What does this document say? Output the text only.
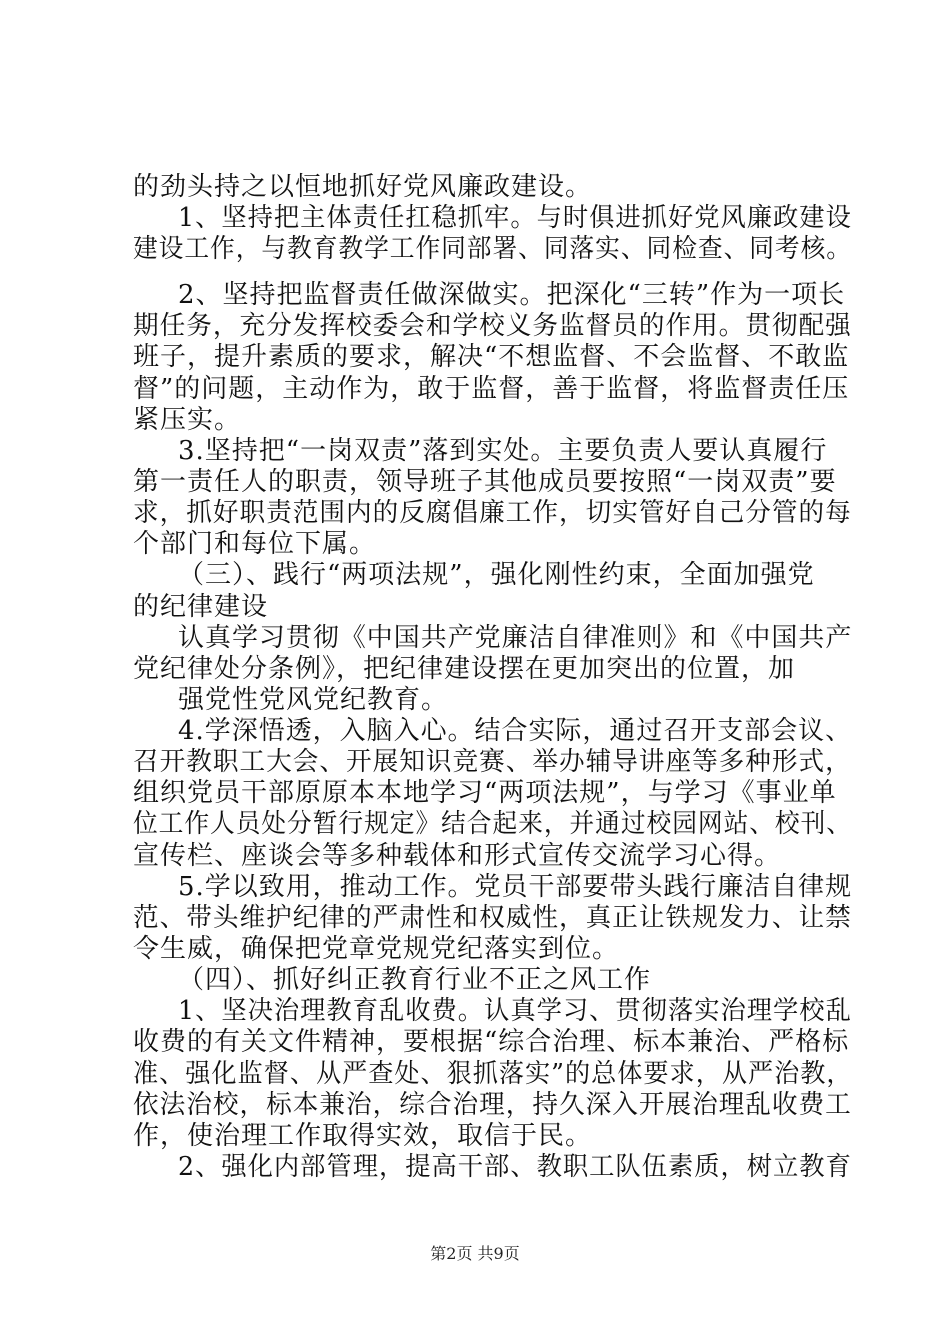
的劲头持之以恒地抓好党风廉政建设。
1、坚持把主体责任扛稳抓牢。与时俱进抓好党风廉政建设
建设工作，与教育教学工作同部署、同落实、同检查、同考核。
2、坚持把监督责任做深做实。把深化“三转”作为一项长
期任务，充分发挥校委会和学校义务监督员的作用。贯彻配强
班子，提升素质的要求，解决“不想监督、不会监督、不敢监
督”的问题，主动作为，敢于监督，善于监督，将监督责任压
紧压实。
3.坚持把“一岗双责”落到实处。主要负责人要认真履行
第一责任人的职责，领导班子其他成员要按照“一岗双责”要
求，抓好职责范围内的反腐倡廉工作，切实管好自己分管的每
个部门和每位下属。
（三）、践行“两项法规”，强化刚性约束，全面加强党
的纪律建设
认真学习贯彻《中国共产党廉洁自律准则》和《中国共产
党纪律处分条例》，把纪律建设摆在更加突出的位置，加
强党性党风党纪教育。
4.学深悟透，入脑入心。结合实际，通过召开支部会议、
召开教职工大会、开展知识竞赛、举办辅导讲座等多种形式，
组织党员干部原原本本地学习“两项法规”，与学习《事业单
位工作人员处分暂行规定》结合起来，并通过校园网站、校刊、
宣传栏、座谈会等多种载体和形式宣传交流学习心得。
5.学以致用，推动工作。党员干部要带头践行廉洁自律规
范、带头维护纪律的严肃性和权威性，真正让铁规发力、让禁
令生威，确保把党章党规党纪落实到位。
（四）、抓好纠正教育行业不正之风工作
1、坚决治理教育乱收费。认真学习、贯彻落实治理学校乱
收费的有关文件精神，要根据“综合治理、标本兼治、严格标
准、强化监督、从严查处、狠抓落实”的总体要求，从严治教，
依法治校，标本兼治，综合治理，持久深入开展治理乱收费工
作，使治理工作取得实效，取信于民。
2、强化内部管理，提高干部、教职工队伍素质，树立教育
第2页 共9页
